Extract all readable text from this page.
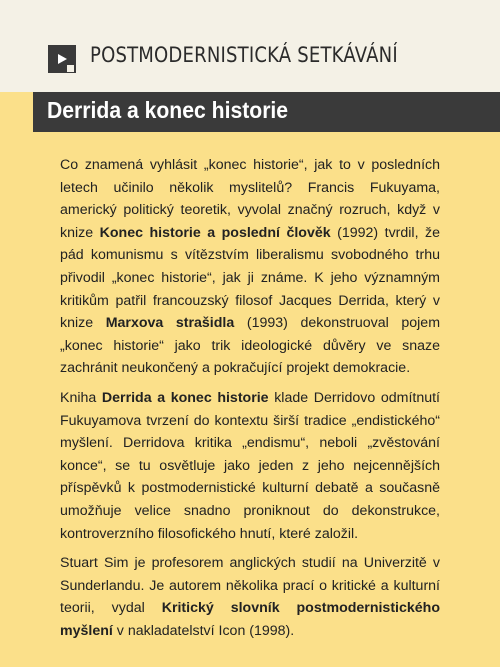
POSTMODERNISTICKÁ SETKÁVÁNÍ
Derrida a konec historie

Co znamená vyhlásit „konec historie“, jak to v posledních letech učinilo několik myslitelů? Francis Fukuyama, americký politický teoretik, vyvolal značný rozruch, když v knize Konec historie a poslední člověk (1992) tvrdil, že pád komunismu s vítězstvím liberalismu svobodného trhu přivodil „konec historie“, jak ji známe. K jeho významným kritikům patřil francouzský filosof Jacques Derrida, který v knize Marxova strašidla (1993) dekonstruoval pojem „konec historie“ jako trik ideologické důvěry ve snaze zachránit neukončený a pokračující projekt demokracie.

Kniha Derrida a konec historie klade Derridovo odmítnutí Fukuyamova tvrzení do kontextu širší tradice „endistického“ myšlení. Derridova kritika „endismu“, neboli „zvěstování konce“, se tu osvětluje jako jeden z jeho nejcennějších příspěvků k postmodernistické kulturní debatě a současně umožňuje velice snadno proniknout do dekonstrukce, kontroverzního filosofického hnutí, které založil.

Stuart Sim je profesorem anglických studií na Univerzitě v Sunderlandu. Je autorem několika prací o kritické a kulturní teorii, vydal Kritický slovník postmodernistického myšlení v nakladatelství Icon (1998).
